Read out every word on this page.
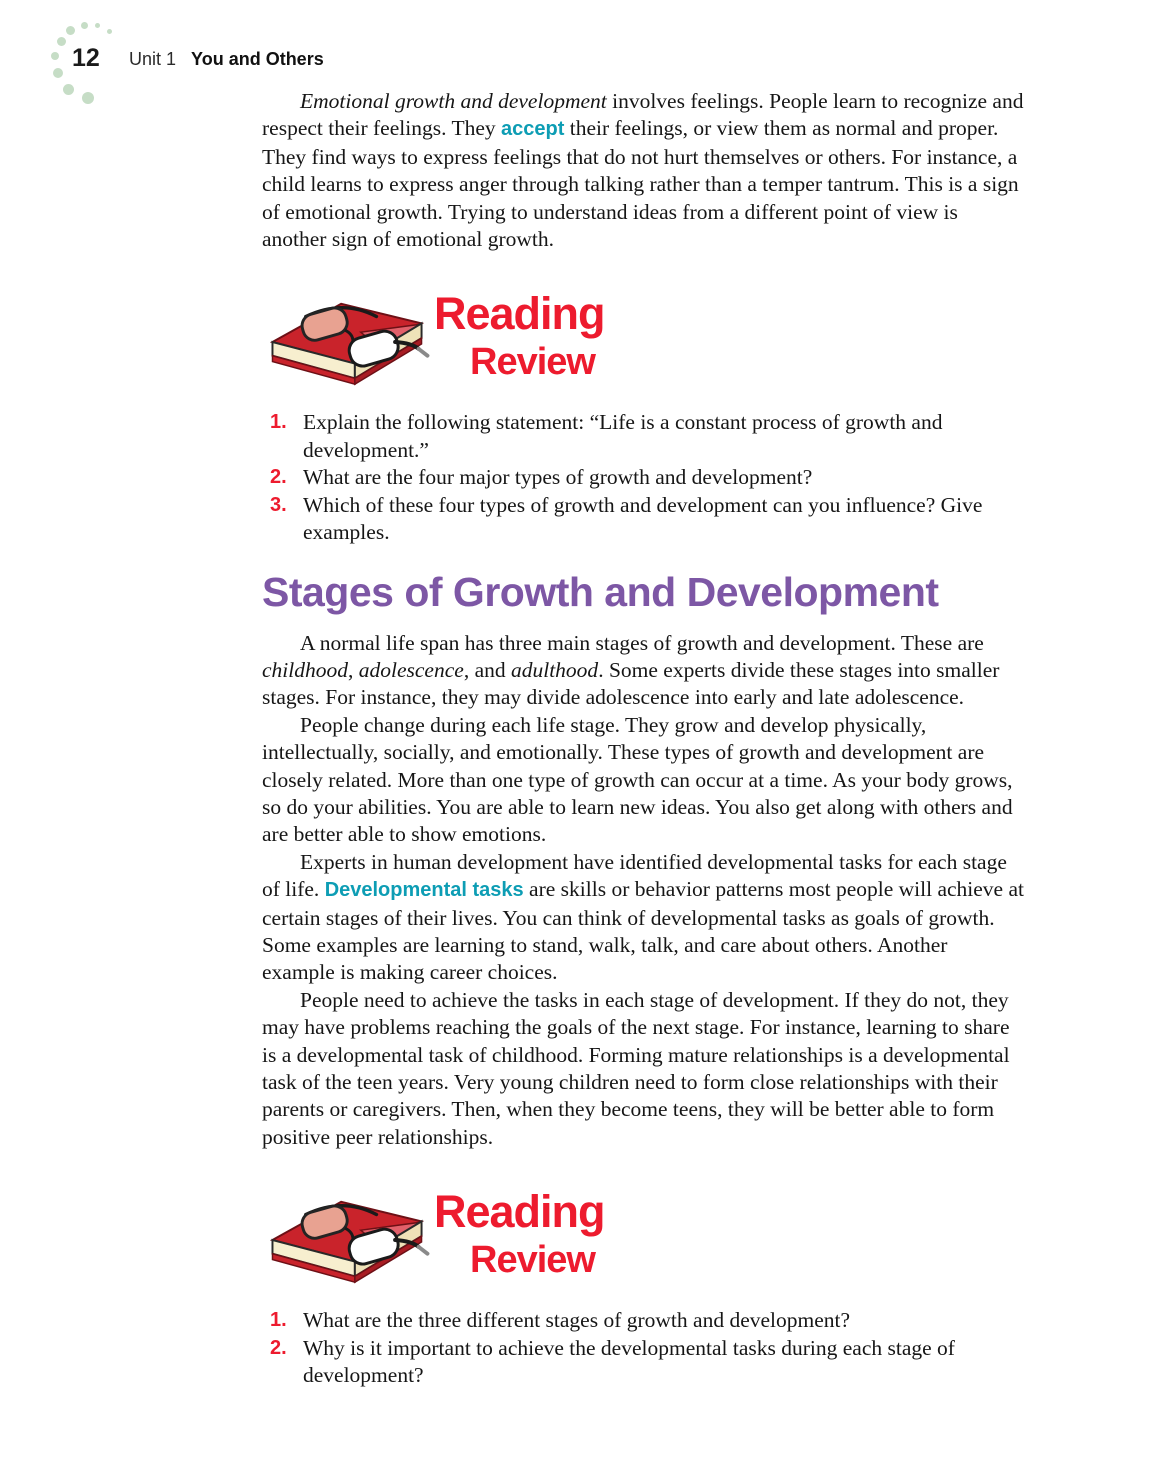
12 Unit 1 You and Others

Emotional growth and development involves feelings. People learn to recognize and respect their feelings. They accept their feelings, or view them as normal and proper. They find ways to express feelings that do not hurt themselves or others. For instance, a child learns to express anger through talking rather than a temper tantrum. This is a sign of emotional growth. Trying to understand ideas from a different point of view is another sign of emotional growth.

Reading
Review
1. Explain the following statement: “Life is a constant process of growth and development.”
2. What are the four major types of growth and development?
3. Which of these four types of growth and development can you influence? Give examples.
Stages of Growth and Development

A normal life span has three main stages of growth and development. These are childhood, adolescence, and adulthood. Some experts divide these stages into smaller stages. For instance, they may divide adolescence into early and late adolescence.

People change during each life stage. They grow and develop physically, intellectually, socially, and emotionally. These types of growth and development are closely related. More than one type of growth can occur at a time. As your body grows, so do your abilities. You are able to learn new ideas. You also get along with others and are better able to show emotions.

Experts in human development have identified developmental tasks for each stage of life. Developmental tasks are skills or behavior patterns most people will achieve at certain stages of their lives. You can think of developmental tasks as goals of growth. Some examples are learning to stand, walk, talk, and care about others. Another example is making career choices.

People need to achieve the tasks in each stage of development. If they do not, they may have problems reaching the goals of the next stage. For instance, learning to share is a developmental task of childhood. Forming mature relationships is a developmental task of the teen years. Very young children need to form close relationships with their parents or caregivers. Then, when they become teens, they will be better able to form positive peer relationships.

Reading
Review
1. What are the three different stages of growth and development?
2. Why is it important to achieve the developmental tasks during each stage of development?
